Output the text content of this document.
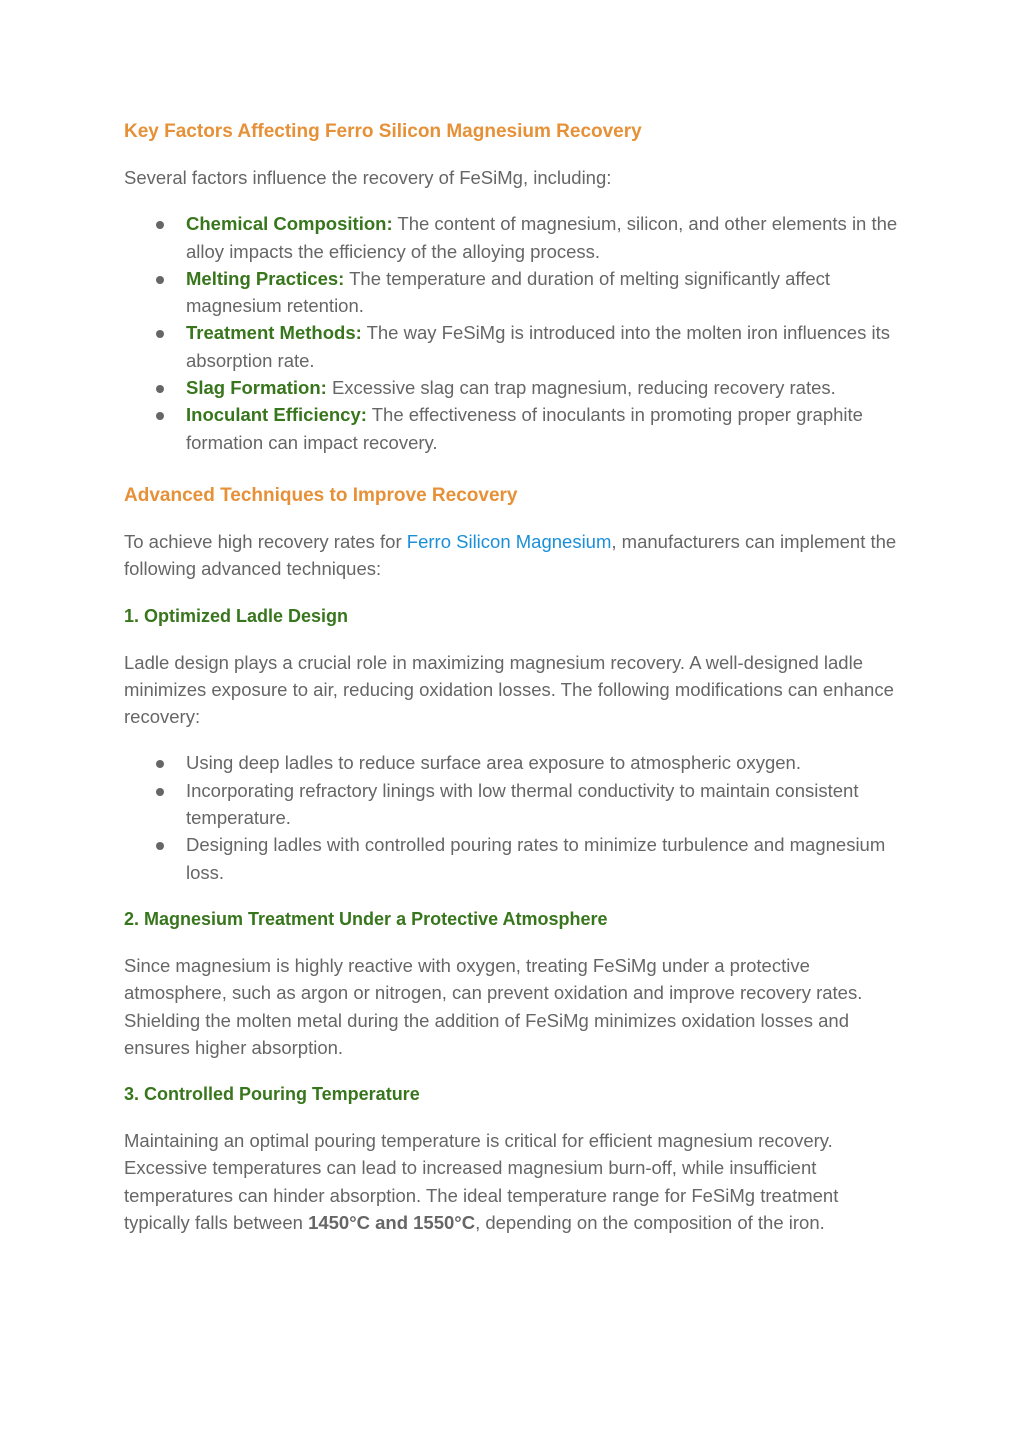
Key Factors Affecting Ferro Silicon Magnesium Recovery

Several factors influence the recovery of FeSiMg, including:

Chemical Composition: The content of magnesium, silicon, and other elements in the alloy impacts the efficiency of the alloying process.
Melting Practices: The temperature and duration of melting significantly affect magnesium retention.
Treatment Methods: The way FeSiMg is introduced into the molten iron influences its absorption rate.
Slag Formation: Excessive slag can trap magnesium, reducing recovery rates.
Inoculant Efficiency: The effectiveness of inoculants in promoting proper graphite formation can impact recovery.
Advanced Techniques to Improve Recovery

To achieve high recovery rates for Ferro Silicon Magnesium, manufacturers can implement the following advanced techniques:

1. Optimized Ladle Design

Ladle design plays a crucial role in maximizing magnesium recovery. A well-designed ladle minimizes exposure to air, reducing oxidation losses. The following modifications can enhance recovery:

Using deep ladles to reduce surface area exposure to atmospheric oxygen.
Incorporating refractory linings with low thermal conductivity to maintain consistent temperature.
Designing ladles with controlled pouring rates to minimize turbulence and magnesium loss.
2. Magnesium Treatment Under a Protective Atmosphere

Since magnesium is highly reactive with oxygen, treating FeSiMg under a protective atmosphere, such as argon or nitrogen, can prevent oxidation and improve recovery rates. Shielding the molten metal during the addition of FeSiMg minimizes oxidation losses and ensures higher absorption.

3. Controlled Pouring Temperature

Maintaining an optimal pouring temperature is critical for efficient magnesium recovery. Excessive temperatures can lead to increased magnesium burn-off, while insufficient temperatures can hinder absorption. The ideal temperature range for FeSiMg treatment typically falls between 1450°C and 1550°C, depending on the composition of the iron.
